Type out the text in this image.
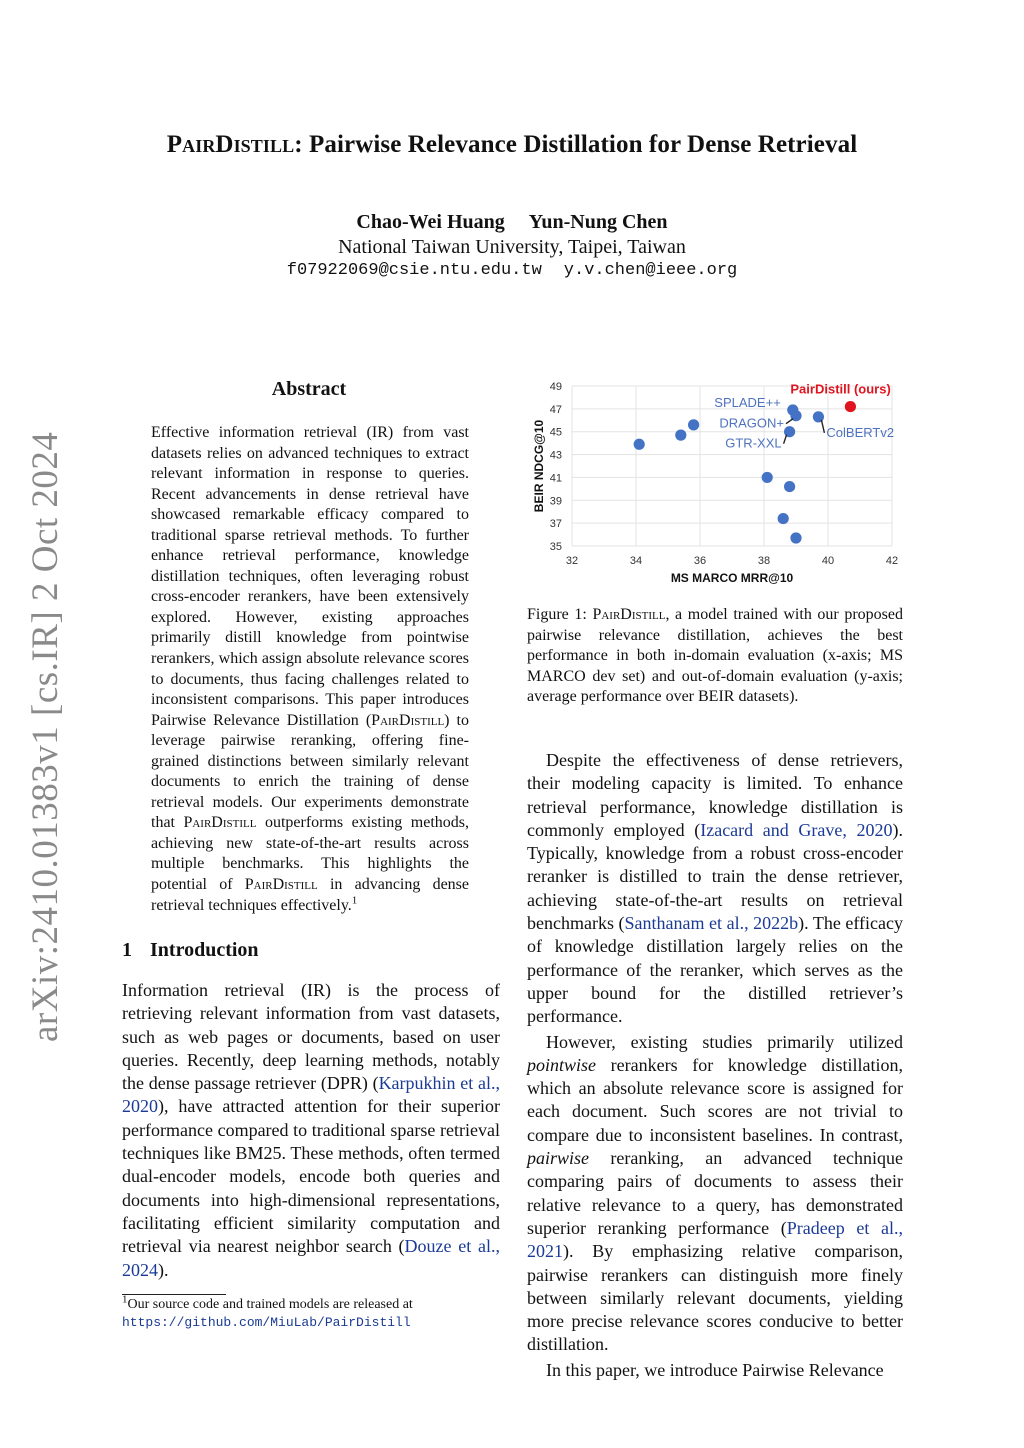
arXiv:2410.01383v1 [cs.IR] 2 Oct 2024
PairDistill: Pairwise Relevance Distillation for Dense Retrieval
Chao-Wei Huang Yun-Nung Chen
National Taiwan University, Taipei, Taiwan
f07922069@csie.ntu.edu.tw y.v.chen@ieee.org
Abstract
Effective information retrieval (IR) from vast datasets relies on advanced techniques to extract relevant information in response to queries. Recent advancements in dense retrieval have showcased remarkable efficacy compared to traditional sparse retrieval methods. To further enhance retrieval performance, knowledge distillation techniques, often leveraging robust cross-encoder rerankers, have been extensively explored. However, existing approaches primarily distill knowledge from pointwise rerankers, which assign absolute relevance scores to documents, thus facing challenges related to inconsistent comparisons. This paper introduces Pairwise Relevance Distillation (PairDistill) to leverage pairwise reranking, offering fine-grained distinctions between similarly relevant documents to enrich the training of dense retrieval models. Our experiments demonstrate that PairDistill outperforms existing methods, achieving new state-of-the-art results across multiple benchmarks. This highlights the potential of PairDistill in advancing dense retrieval techniques effectively.$^1$
1 Introduction
Information retrieval (IR) is the process of retrieving relevant information from vast datasets, such as web pages or documents, based on user queries. Recently, deep learning methods, notably the dense passage retriever (DPR) (Karpukhin et al., 2020), have attracted attention for their superior performance compared to traditional sparse retrieval techniques like BM25. These methods, often termed dual-encoder models, encode both queries and documents into high-dimensional representations, facilitating efficient similarity computation and retrieval via nearest neighbor search (Douze et al., 2024).
$^1$Our source code and trained models are released at https://github.com/MiuLab/PairDistill
35
37
39
41
43
45
47
49
32	34	36	38	40	42
MS MARCO MRR@10
BEIR NDCG@10	GTR-XXL
SPLADE++
DRAGON+
ColBERTv2
PairDistill (ours)
Figure 1: PairDistill, a model trained with our proposed pairwise relevance distillation, achieves the best performance in both in-domain evaluation (x-axis; MS MARCO dev set) and out-of-domain evaluation (y-axis; average performance over BEIR datasets).

Despite the effectiveness of dense retrievers, their modeling capacity is limited. To enhance retrieval performance, knowledge distillation is commonly employed (Izacard and Grave, 2020). Typically, knowledge from a robust cross-encoder reranker is distilled to train the dense retriever, achieving state-of-the-art results on retrieval benchmarks (Santhanam et al., 2022b). The efficacy of knowledge distillation largely relies on the performance of the reranker, which serves as the upper bound for the distilled retriever’s performance.

However, existing studies primarily utilized pointwise rerankers for knowledge distillation, which an absolute relevance score is assigned for each document. Such scores are not trivial to compare due to inconsistent baselines. In contrast, pairwise reranking, an advanced technique comparing pairs of documents to assess their relative relevance to a query, has demonstrated superior reranking performance (Pradeep et al., 2021). By emphasizing relative comparison, pairwise rerankers can distinguish more finely between similarly relevant documents, yielding more precise relevance scores conducive to better distillation.

In this paper, we introduce Pairwise Relevance
